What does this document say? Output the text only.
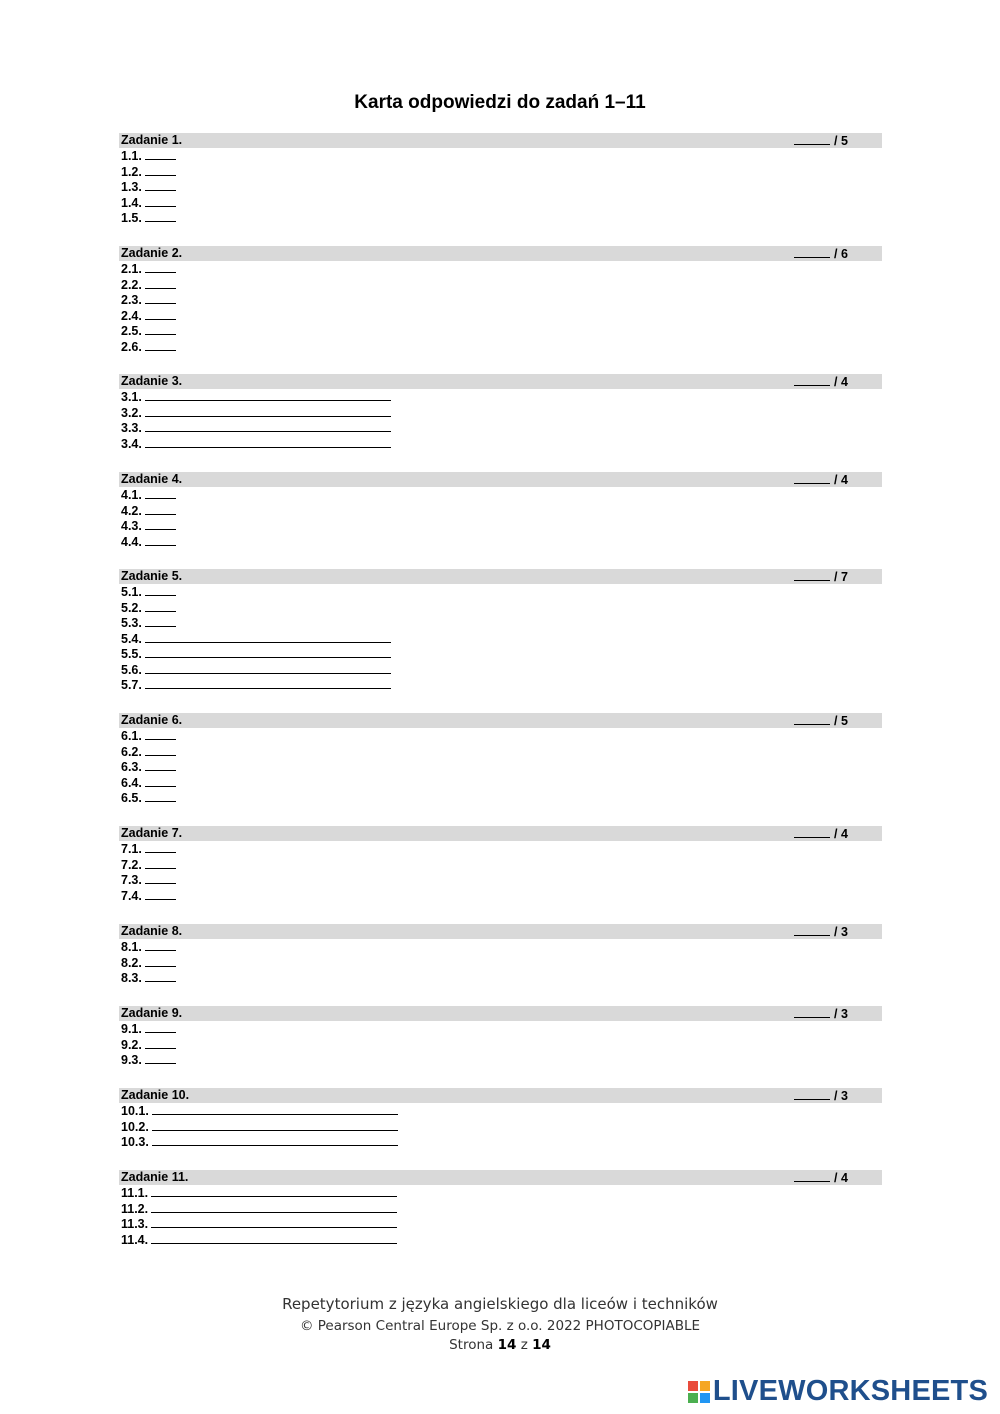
Karta odpowiedzi do zadań 1–11
Zadanie 1.	/ 5
1.1.
1.2.
1.3.
1.4.
1.5.
Zadanie 2.	/ 6
2.1.
2.2.
2.3.
2.4.
2.5.
2.6.
Zadanie 3.	/ 4
3.1.
3.2.
3.3.
3.4.
Zadanie 4.	/ 4
4.1.
4.2.
4.3.
4.4.
Zadanie 5.	/ 7
5.1.
5.2.
5.3.
5.4.
5.5.
5.6.
5.7.
Zadanie 6.	/ 5
6.1.
6.2.
6.3.
6.4.
6.5.
Zadanie 7.	/ 4
7.1.
7.2.
7.3.
7.4.
Zadanie 8.	/ 3
8.1.
8.2.
8.3.
Zadanie 9.	/ 3
9.1.
9.2.
9.3.
Zadanie 10.	/ 3
10.1.
10.2.
10.3.
Zadanie 11.	/ 4
11.1.
11.2.
11.3.
11.4.
Repetytorium z języka angielskiego dla liceów i techników
© Pearson Central Europe Sp. z o.o. 2022 PHOTOCOPIABLE
Strona 14 z 14
LIVEWORKSHEETS
